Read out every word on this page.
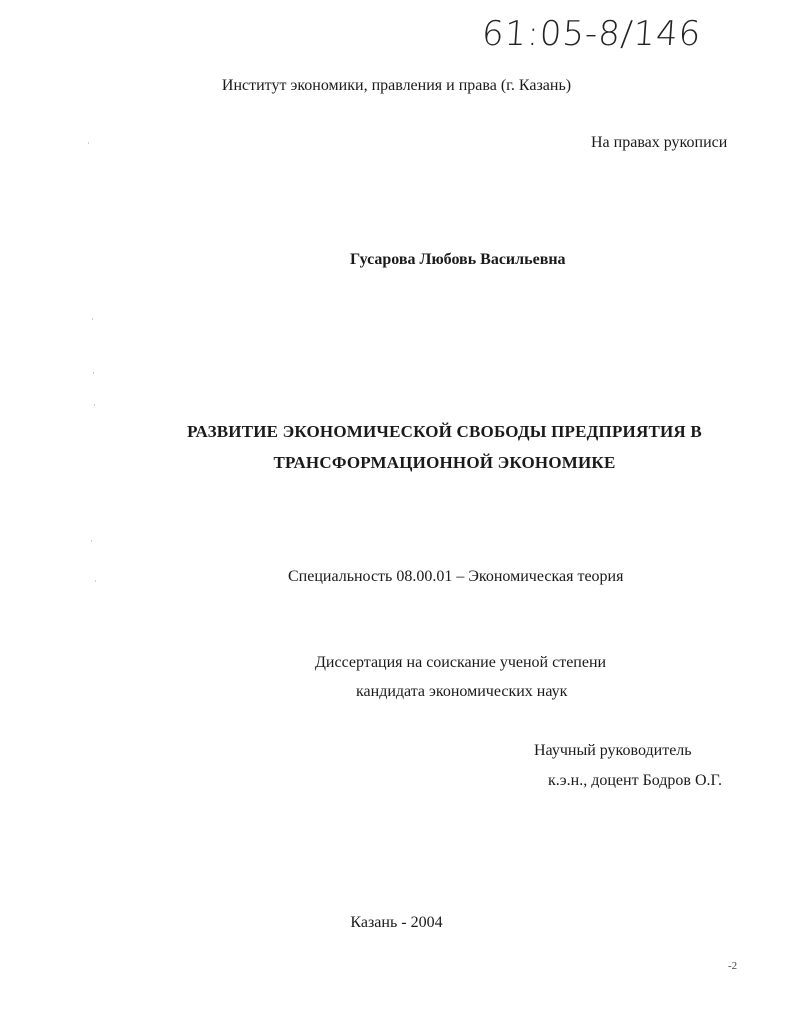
61:05-8/146
Институт экономики, правления и права (г. Казань)
На правах рукописи
Гусарова Любовь Васильевна
РАЗВИТИЕ ЭКОНОМИЧЕСКОЙ СВОБОДЫ ПРЕДПРИЯТИЯ В
ТРАНСФОРМАЦИОННОЙ ЭКОНОМИКЕ
Специальность 08.00.01 – Экономическая теория
Диссертация на соискание ученой степени
кандидата экономических наук
Научный руководитель
к.э.н., доцент Бодров О.Г.
Казань - 2004
-2
